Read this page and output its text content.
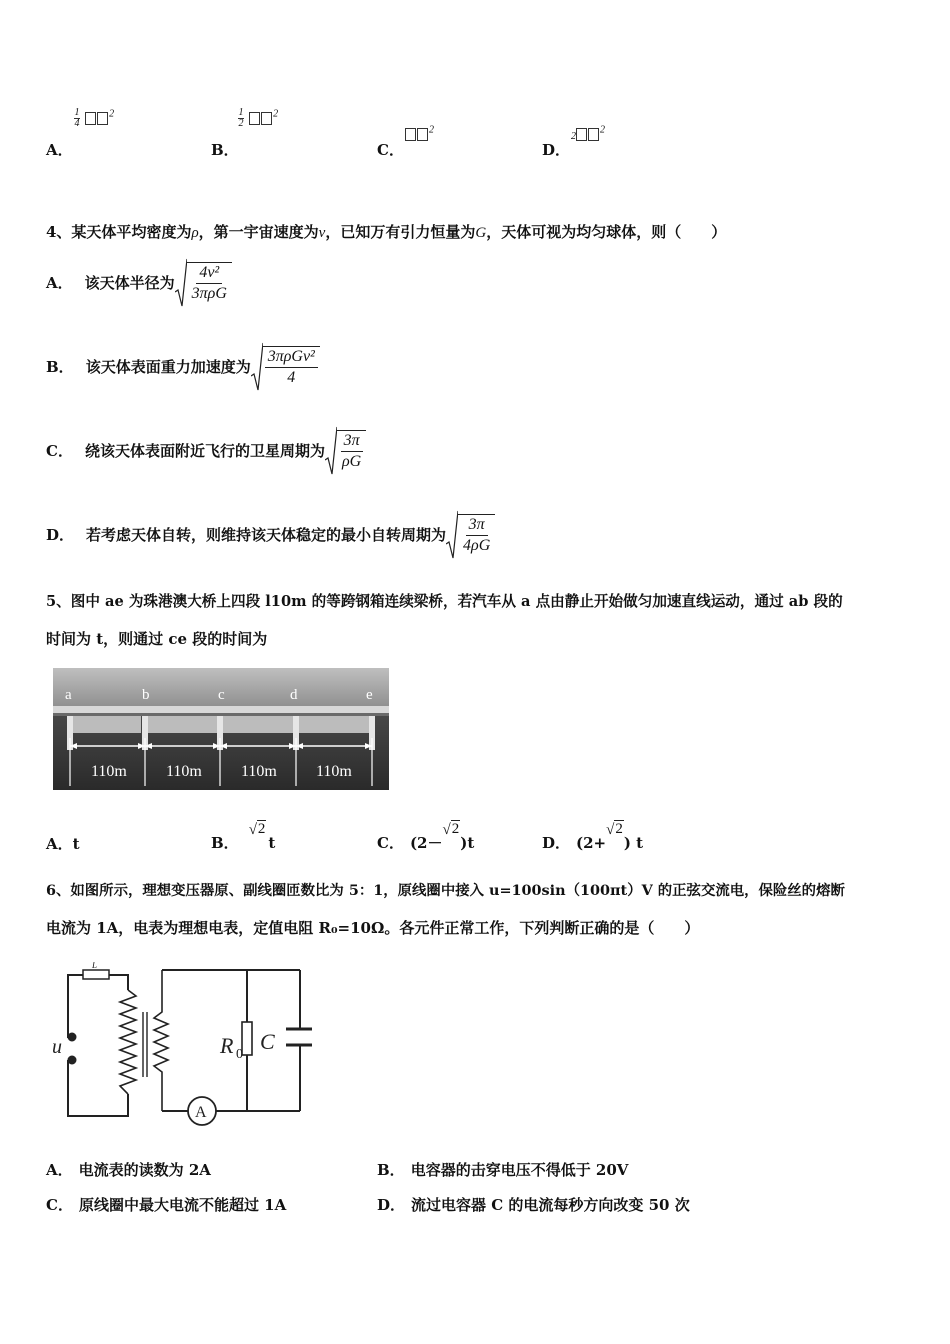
A．
$\frac{1}{4}$	$^2$
B．
$\frac{1}{2}$	$^2$
C．
$^2$
D．
$2^2$
4、某天体平均密度为ρ，第一宇宙速度为v，已知万有引力恒量为G，天体可视为均匀球体，则（　　）
A． 该天体半径为 $\frac{\text{4v²}}{\text{3πρG}}$
B． 该天体表面重力加速度为 $\frac{\text{3πρGv²}}{4}$
C． 绕该天体表面附近飞行的卫星周期为 $\frac{3\pi}{\rho G}$
D． 若考虑天体自转，则维持该天体稳定的最小自转周期为 $\frac{3\pi}{4\rho G}$
5、图中 ae 为珠港澳大桥上四段 l10m 的等跨钢箱连续梁桥，若汽车从 a 点由静止开始做匀加速直线运动，通过 ab 段的
时间为 t，则通过 ce 段的时间为
a	b	c	d	e
110m 110m 110m 110m
A．t	B．
√ 2
t	C． (2－
√ 2
)t	D． (2+
√ 2
) t
6、如图所示，理想变压器原、副线圈匝数比为 5：1，原线圈中接入 u=100sin（100πt）V 的正弦交流电，保险丝的熔断
电流为 1A，电表为理想电表，定值电阻 R₀=10Ω。各元件正常工作，下列判断正确的是（　　）
u
L
R 0
C
A
A． 电流表的读数为 2A	B． 电容器的击穿电压不得低于 20V
C． 原线圈中最大电流不能超过 1A	D． 流过电容器 C 的电流每秒方向改变 50 次
